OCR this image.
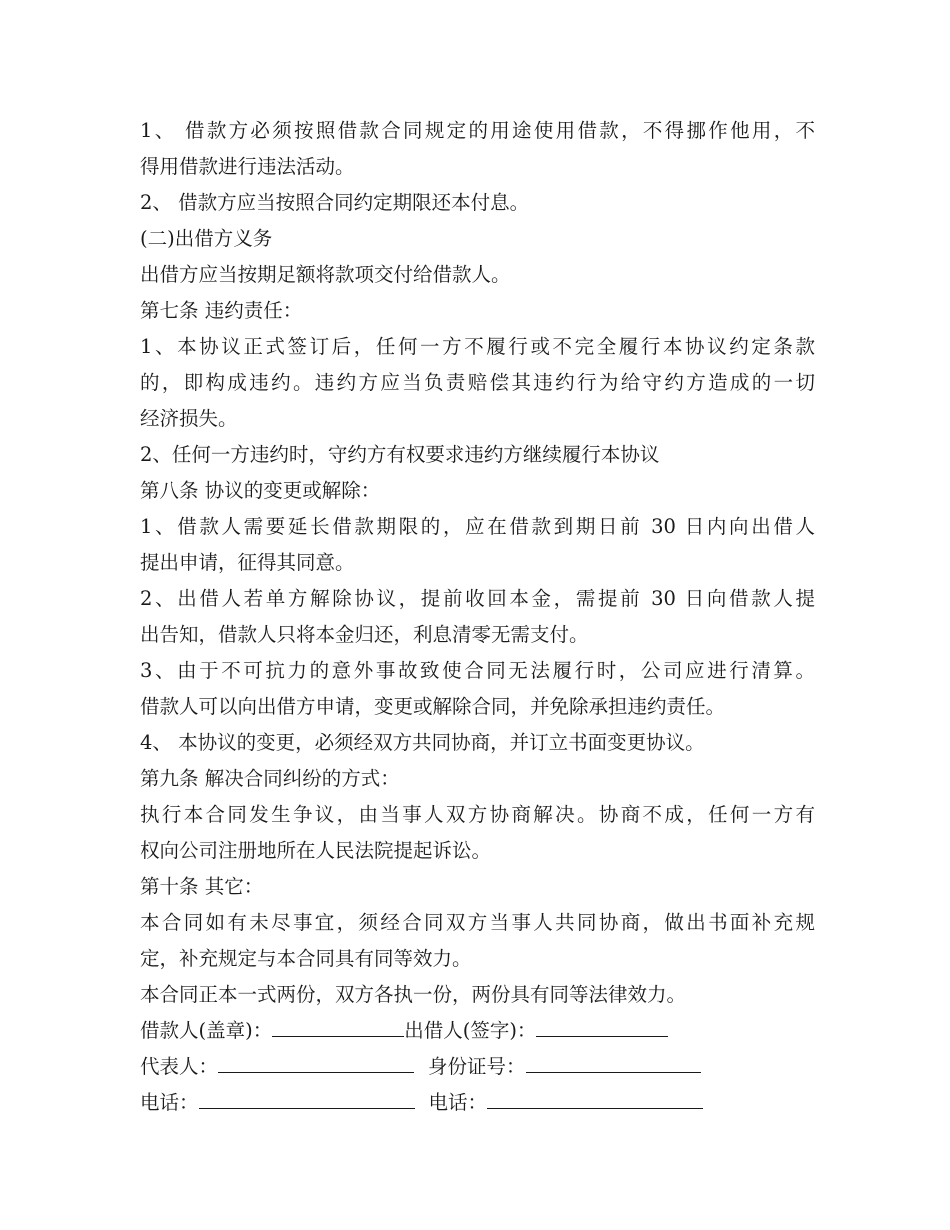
1、 借款方必须按照借款合同规定的用途使用借款，不得挪作他用，不
得用借款进行违法活动。
2、 借款方应当按照合同约定期限还本付息。
(二)出借方义务
出借方应当按期足额将款项交付给借款人。
第七条 违约责任：
1、本协议正式签订后，任何一方不履行或不完全履行本协议约定条款
的，即构成违约。违约方应当负责赔偿其违约行为给守约方造成的一切
经济损失。
2、任何一方违约时，守约方有权要求违约方继续履行本协议
第八条 协议的变更或解除：
1、借款人需要延长借款期限的，应在借款到期日前 30 日内向出借人
提出申请，征得其同意。
2、出借人若单方解除协议，提前收回本金，需提前 30 日向借款人提
出告知，借款人只将本金归还，利息清零无需支付。
3、由于不可抗力的意外事故致使合同无法履行时，公司应进行清算。
借款人可以向出借方申请，变更或解除合同，并免除承担违约责任。
4、 本协议的变更，必须经双方共同协商，并订立书面变更协议。
第九条 解决合同纠纷的方式：
执行本合同发生争议，由当事人双方协商解决。协商不成，任何一方有
权向公司注册地所在人民法院提起诉讼。
第十条 其它：
本合同如有未尽事宜，须经合同双方当事人共同协商，做出书面补充规
定，补充规定与本合同具有同等效力。
本合同正本一式两份，双方各执一份，两份具有同等法律效力。
借款人(盖章)：	出借人(签字)：
代表人：	身份证号：
电话：	电话：
